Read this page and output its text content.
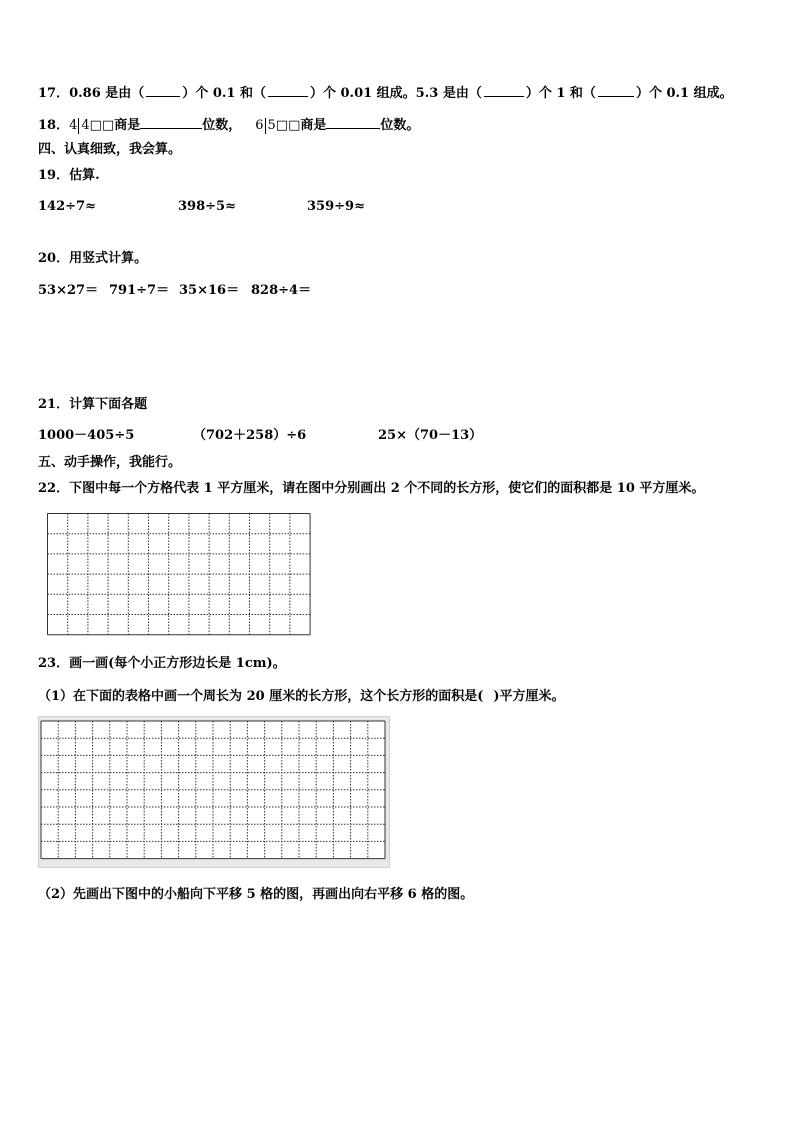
17．0.86 是由（	）个 0.1 和（	）个 0.01 组成。5.3 是由（	）个 1 和（	）个 0.1 组成。
18．4 4□□商是	位数， 6 5□□商是	位数。
四、认真细致，我会算。
19．估算.
142÷7≈	398÷5≈	359÷9≈
20．用竖式计算。
53×27＝ 791÷7＝ 35×16＝ 828÷4＝
21．计算下面各题
1000－405÷5	（702＋258）÷6	25×（70－13）
五、动手操作，我能行。
22．下图中每一个方格代表 1 平方厘米，请在图中分别画出 2 个不同的长方形，使它们的面积都是 10 平方厘米。
23．画一画(每个小正方形边长是 1cm)。
（1）在下面的表格中画一个周长为 20 厘米的长方形，这个长方形的面积是( )平方厘米。
（2）先画出下图中的小船向下平移 5 格的图，再画出向右平移 6 格的图。
